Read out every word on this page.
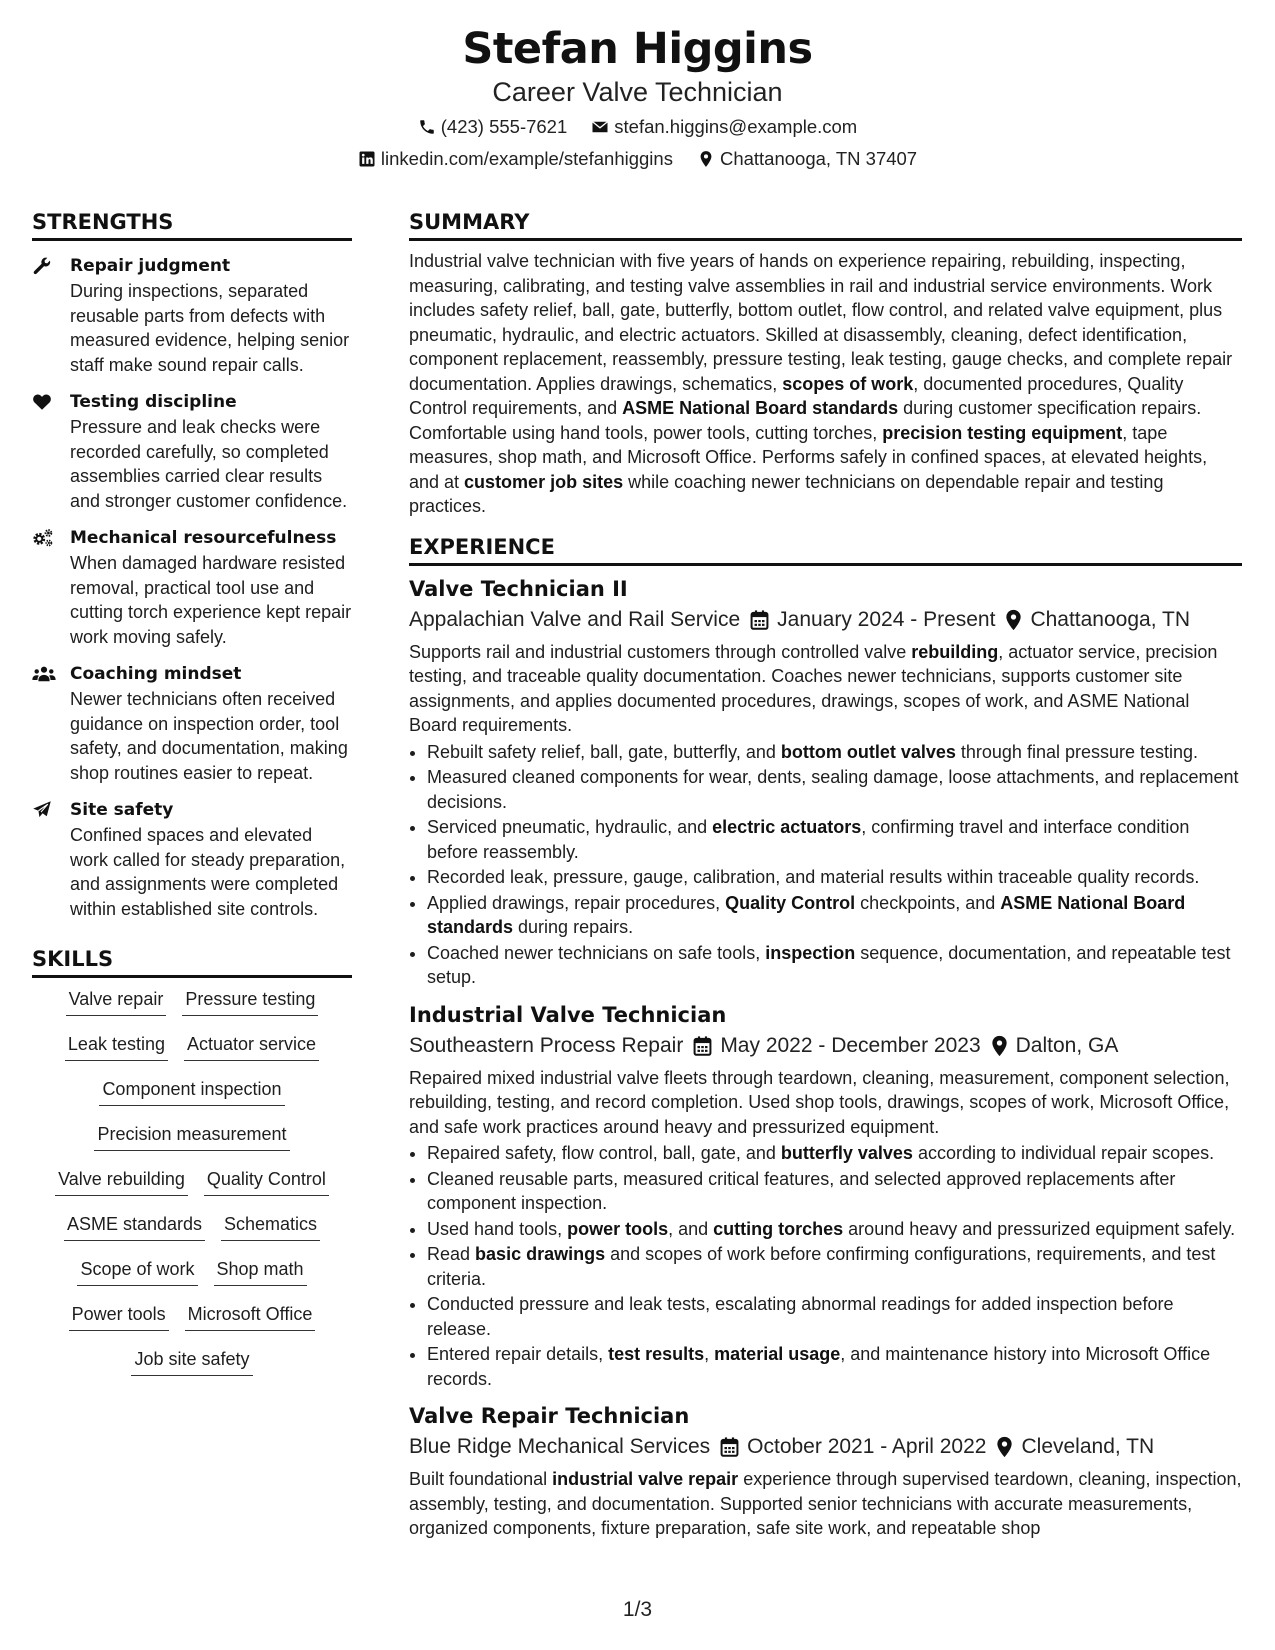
Stefan Higgins
Career Valve Technician
(423) 555-7621	stefan.higgins@example.com
linkedin.com/example/stefanhiggins	Chattanooga, TN 37407
STRENGTHS
Repair judgment
During inspections, separated reusable parts from defects with measured evidence, helping senior staff make sound repair calls.
Testing discipline
Pressure and leak checks were recorded carefully, so completed assemblies carried clear results and stronger customer confidence.
Mechanical resourcefulness
When damaged hardware resisted removal, practical tool use and cutting torch experience kept repair work moving safely.
Coaching mindset
Newer technicians often received guidance on inspection order, tool safety, and documentation, making shop routines easier to repeat.
Site safety
Confined spaces and elevated work called for steady preparation, and assignments were completed within established site controls.
SKILLS
Valve repair Pressure testing
Leak testing Actuator service
Component inspection
Precision measurement
Valve rebuilding Quality Control
ASME standards Schematics
Scope of work Shop math
Power tools Microsoft Office
Job site safety
SUMMARY
Industrial valve technician with five years of hands on experience repairing, rebuilding, inspecting, measuring, calibrating, and testing valve assemblies in rail and industrial service environments. Work includes safety relief, ball, gate, butterfly, bottom outlet, flow control, and related valve equipment, plus pneumatic, hydraulic, and electric actuators. Skilled at disassembly, cleaning, defect identification, component replacement, reassembly, pressure testing, leak testing, gauge checks, and complete repair documentation. Applies drawings, schematics, scopes of work, documented procedures, Quality Control requirements, and ASME National Board standards during customer specification repairs. Comfortable using hand tools, power tools, cutting torches, precision testing equipment, tape measures, shop math, and Microsoft Office. Performs safely in confined spaces, at elevated heights, and at customer job sites while coaching newer technicians on dependable repair and testing practices.
EXPERIENCE
Valve Technician II
Appalachian Valve and Rail Service January 2024 - Present Chattanooga, TN
Supports rail and industrial customers through controlled valve rebuilding, actuator service, precision testing, and traceable quality documentation. Coaches newer technicians, supports customer site assignments, and applies documented procedures, drawings, scopes of work, and ASME National Board requirements.
• Rebuilt safety relief, ball, gate, butterfly, and bottom outlet valves through final pressure testing.
• Measured cleaned components for wear, dents, sealing damage, loose attachments, and replacement decisions.
• Serviced pneumatic, hydraulic, and electric actuators, confirming travel and interface condition before reassembly.
• Recorded leak, pressure, gauge, calibration, and material results within traceable quality records.
• Applied drawings, repair procedures, Quality Control checkpoints, and ASME National Board standards during repairs.
• Coached newer technicians on safe tools, inspection sequence, documentation, and repeatable test setup.
Industrial Valve Technician
Southeastern Process Repair May 2022 - December 2023 Dalton, GA
Repaired mixed industrial valve fleets through teardown, cleaning, measurement, component selection, rebuilding, testing, and record completion. Used shop tools, drawings, scopes of work, Microsoft Office, and safe work practices around heavy and pressurized equipment.
• Repaired safety, flow control, ball, gate, and butterfly valves according to individual repair scopes.
• Cleaned reusable parts, measured critical features, and selected approved replacements after component inspection.
• Used hand tools, power tools, and cutting torches around heavy and pressurized equipment safely.
• Read basic drawings and scopes of work before confirming configurations, requirements, and test criteria.
• Conducted pressure and leak tests, escalating abnormal readings for added inspection before release.
• Entered repair details, test results, material usage, and maintenance history into Microsoft Office records.
Valve Repair Technician
Blue Ridge Mechanical Services October 2021 - April 2022 Cleveland, TN
Built foundational industrial valve repair experience through supervised teardown, cleaning, inspection, assembly, testing, and documentation. Supported senior technicians with accurate measurements, organized components, fixture preparation, safe site work, and repeatable shop
1/3
